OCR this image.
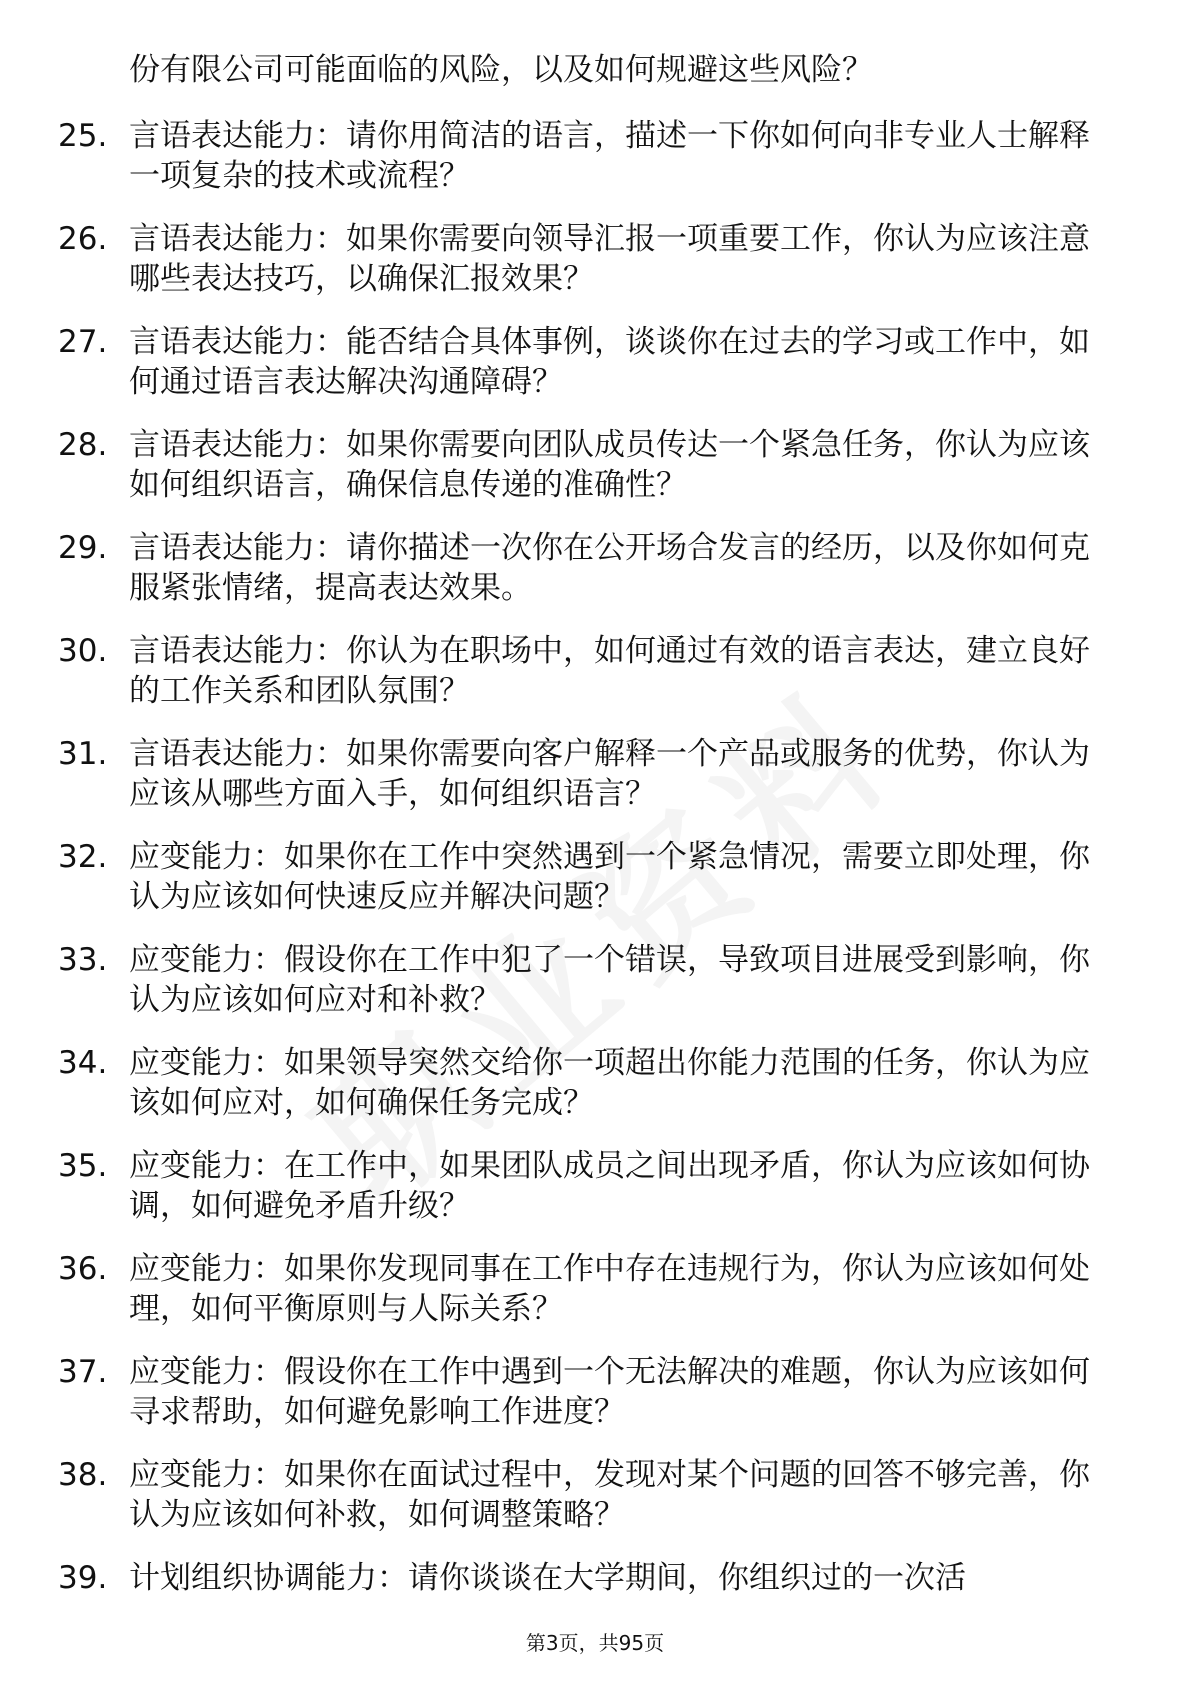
份有限公司可能面临的风险，以及如何规避这些风险？
25. 言语表达能力：请你用简洁的语言，描述一下你如何向非专业人士解释一项复杂的技术或流程？
26. 言语表达能力：如果你需要向领导汇报一项重要工作，你认为应该注意哪些表达技巧，以确保汇报效果？
27. 言语表达能力：能否结合具体事例，谈谈你在过去的学习或工作中，如何通过语言表达解决沟通障碍？
28. 言语表达能力：如果你需要向团队成员传达一个紧急任务，你认为应该如何组织语言，确保信息传递的准确性？
29. 言语表达能力：请你描述一次你在公开场合发言的经历，以及你如何克服紧张情绪，提高表达效果。
30. 言语表达能力：你认为在职场中，如何通过有效的语言表达，建立良好的工作关系和团队氛围？
31. 言语表达能力：如果你需要向客户解释一个产品或服务的优势，你认为应该从哪些方面入手，如何组织语言？
32. 应变能力：如果你在工作中突然遇到一个紧急情况，需要立即处理，你认为应该如何快速反应并解决问题？
33. 应变能力：假设你在工作中犯了一个错误，导致项目进展受到影响，你认为应该如何应对和补救？
34. 应变能力：如果领导突然交给你一项超出你能力范围的任务，你认为应该如何应对，如何确保任务完成？
35. 应变能力：在工作中，如果团队成员之间出现矛盾，你认为应该如何协调，如何避免矛盾升级？
36. 应变能力：如果你发现同事在工作中存在违规行为，你认为应该如何处理，如何平衡原则与人际关系？
37. 应变能力：假设你在工作中遇到一个无法解决的难题，你认为应该如何寻求帮助，如何避免影响工作进度？
38. 应变能力：如果你在面试过程中，发现对某个问题的回答不够完善，你认为应该如何补救，如何调整策略？
39. 计划组织协调能力：请你谈谈在大学期间，你组织过的一次活
第3页，共95页
